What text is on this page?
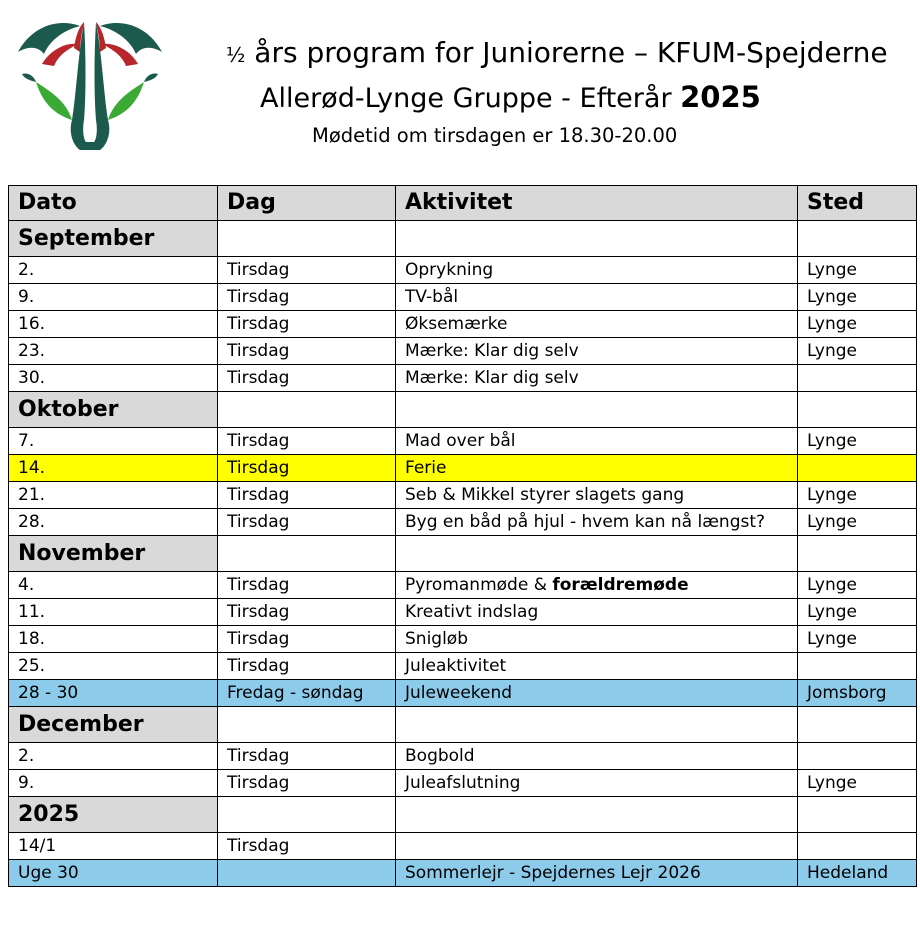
½ års program for Juniorerne – KFUM-Spejderne
Allerød-Lynge Gruppe - Efterår 2025
Mødetid om tirsdagen er 18.30-20.00
Dato	Dag	Aktivitet	Sted
September			
2.	Tirsdag	Oprykning	Lynge
9.	Tirsdag	TV-bål	Lynge
16.	Tirsdag	Øksemærke	Lynge
23.	Tirsdag	Mærke: Klar dig selv	Lynge
30.	Tirsdag	Mærke: Klar dig selv	
Oktober			
7.	Tirsdag	Mad over bål	Lynge
14.	Tirsdag	Ferie	
21.	Tirsdag	Seb & Mikkel styrer slagets gang	Lynge
28.	Tirsdag	Byg en båd på hjul - hvem kan nå længst?	Lynge
November			
4.	Tirsdag	Pyromanmøde & forældremøde	Lynge
11.	Tirsdag	Kreativt indslag	Lynge
18.	Tirsdag	Snigløb	Lynge
25.	Tirsdag	Juleaktivitet	
28 - 30	Fredag - søndag	Juleweekend	Jomsborg
December			
2.	Tirsdag	Bogbold	
9.	Tirsdag	Juleafslutning	Lynge
2025			
14/1	Tirsdag		
Uge 30		Sommerlejr - Spejdernes Lejr 2026	Hedeland
